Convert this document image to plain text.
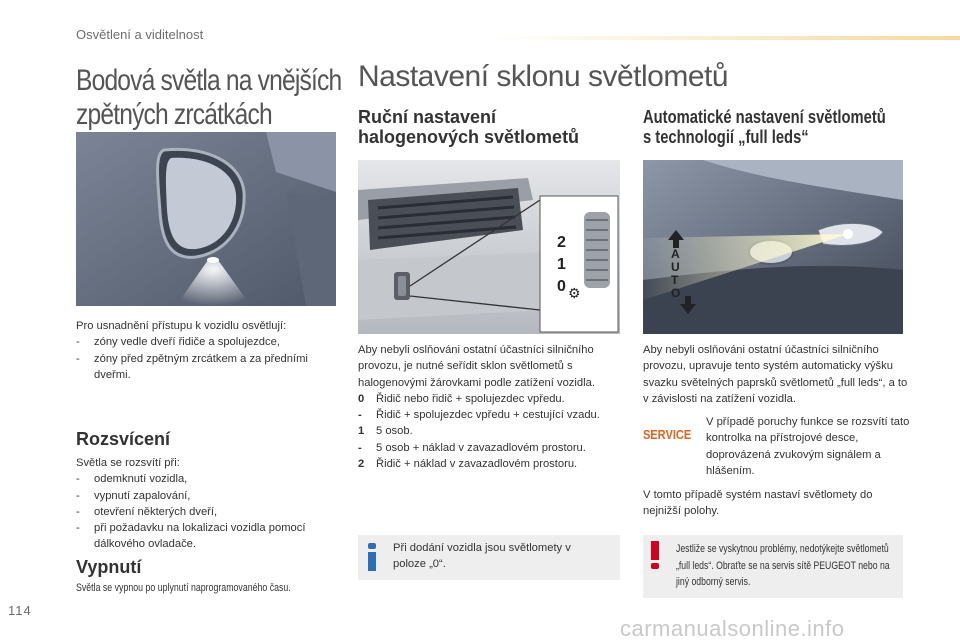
Osvětlení a viditelnost
Bodová světla na vnějších
zpětných zrcátkách

Pro usnadnění přístupu k vozidlu osvětlují:

- zóny vedle dveří řidiče a spolujezdce,

- zóny před zpětným zrcátkem a za předními dveřmi.

Rozsvícení

Světla se rozsvítí při:

- odemknutí vozidla,

- vypnutí zapalování,

- otevření některých dveří,

- při požadavku na lokalizaci vozidla pomocí dálkového ovladače.

Vypnutí
Světla se vypnou po uplynutí naprogramovaného času.
Nastavení sklonu světlometů
Ruční nastavení
halogenových světlometů
⚙
2
1
0

Aby nebyli oslňováni ostatní účastníci silničního provozu, je nutné seřídit sklon světlometů s halogenovými žárovkami podle zatížení vozidla.

0 Řidič nebo řidič + spolujezdec vpředu.

- Řidič + spolujezdec vpředu + cestující vzadu.

1 5 osob.

- 5 osob + náklad v zavazadlovém prostoru.

2 Řidič + náklad v zavazadlovém prostoru.

Při dodání vozidla jsou světlomety v poloze „0“.
Automatické nastavení světlometů
s technologií „full leds“
AUTO
Aby nebyli oslňováni ostatní účastníci silničního provozu, upravuje tento systém automaticky výšku svazku světelných paprsků světlometů „full leds“, a to v závislosti na zatížení vozidla.
SERVICE
V případě poruchy funkce se rozsvítí tato kontrolka na přístrojové desce, doprovázená zvukovým signálem a hlášením.
V tomto případě systém nastaví světlomety do nejnižší polohy.
Jestliže se vyskytnou problémy, nedotýkejte světlometů „full leds“. Obraťte se na servis sítě PEUGEOT nebo na jiný odborný servis.
114
carmanualsonline.info
